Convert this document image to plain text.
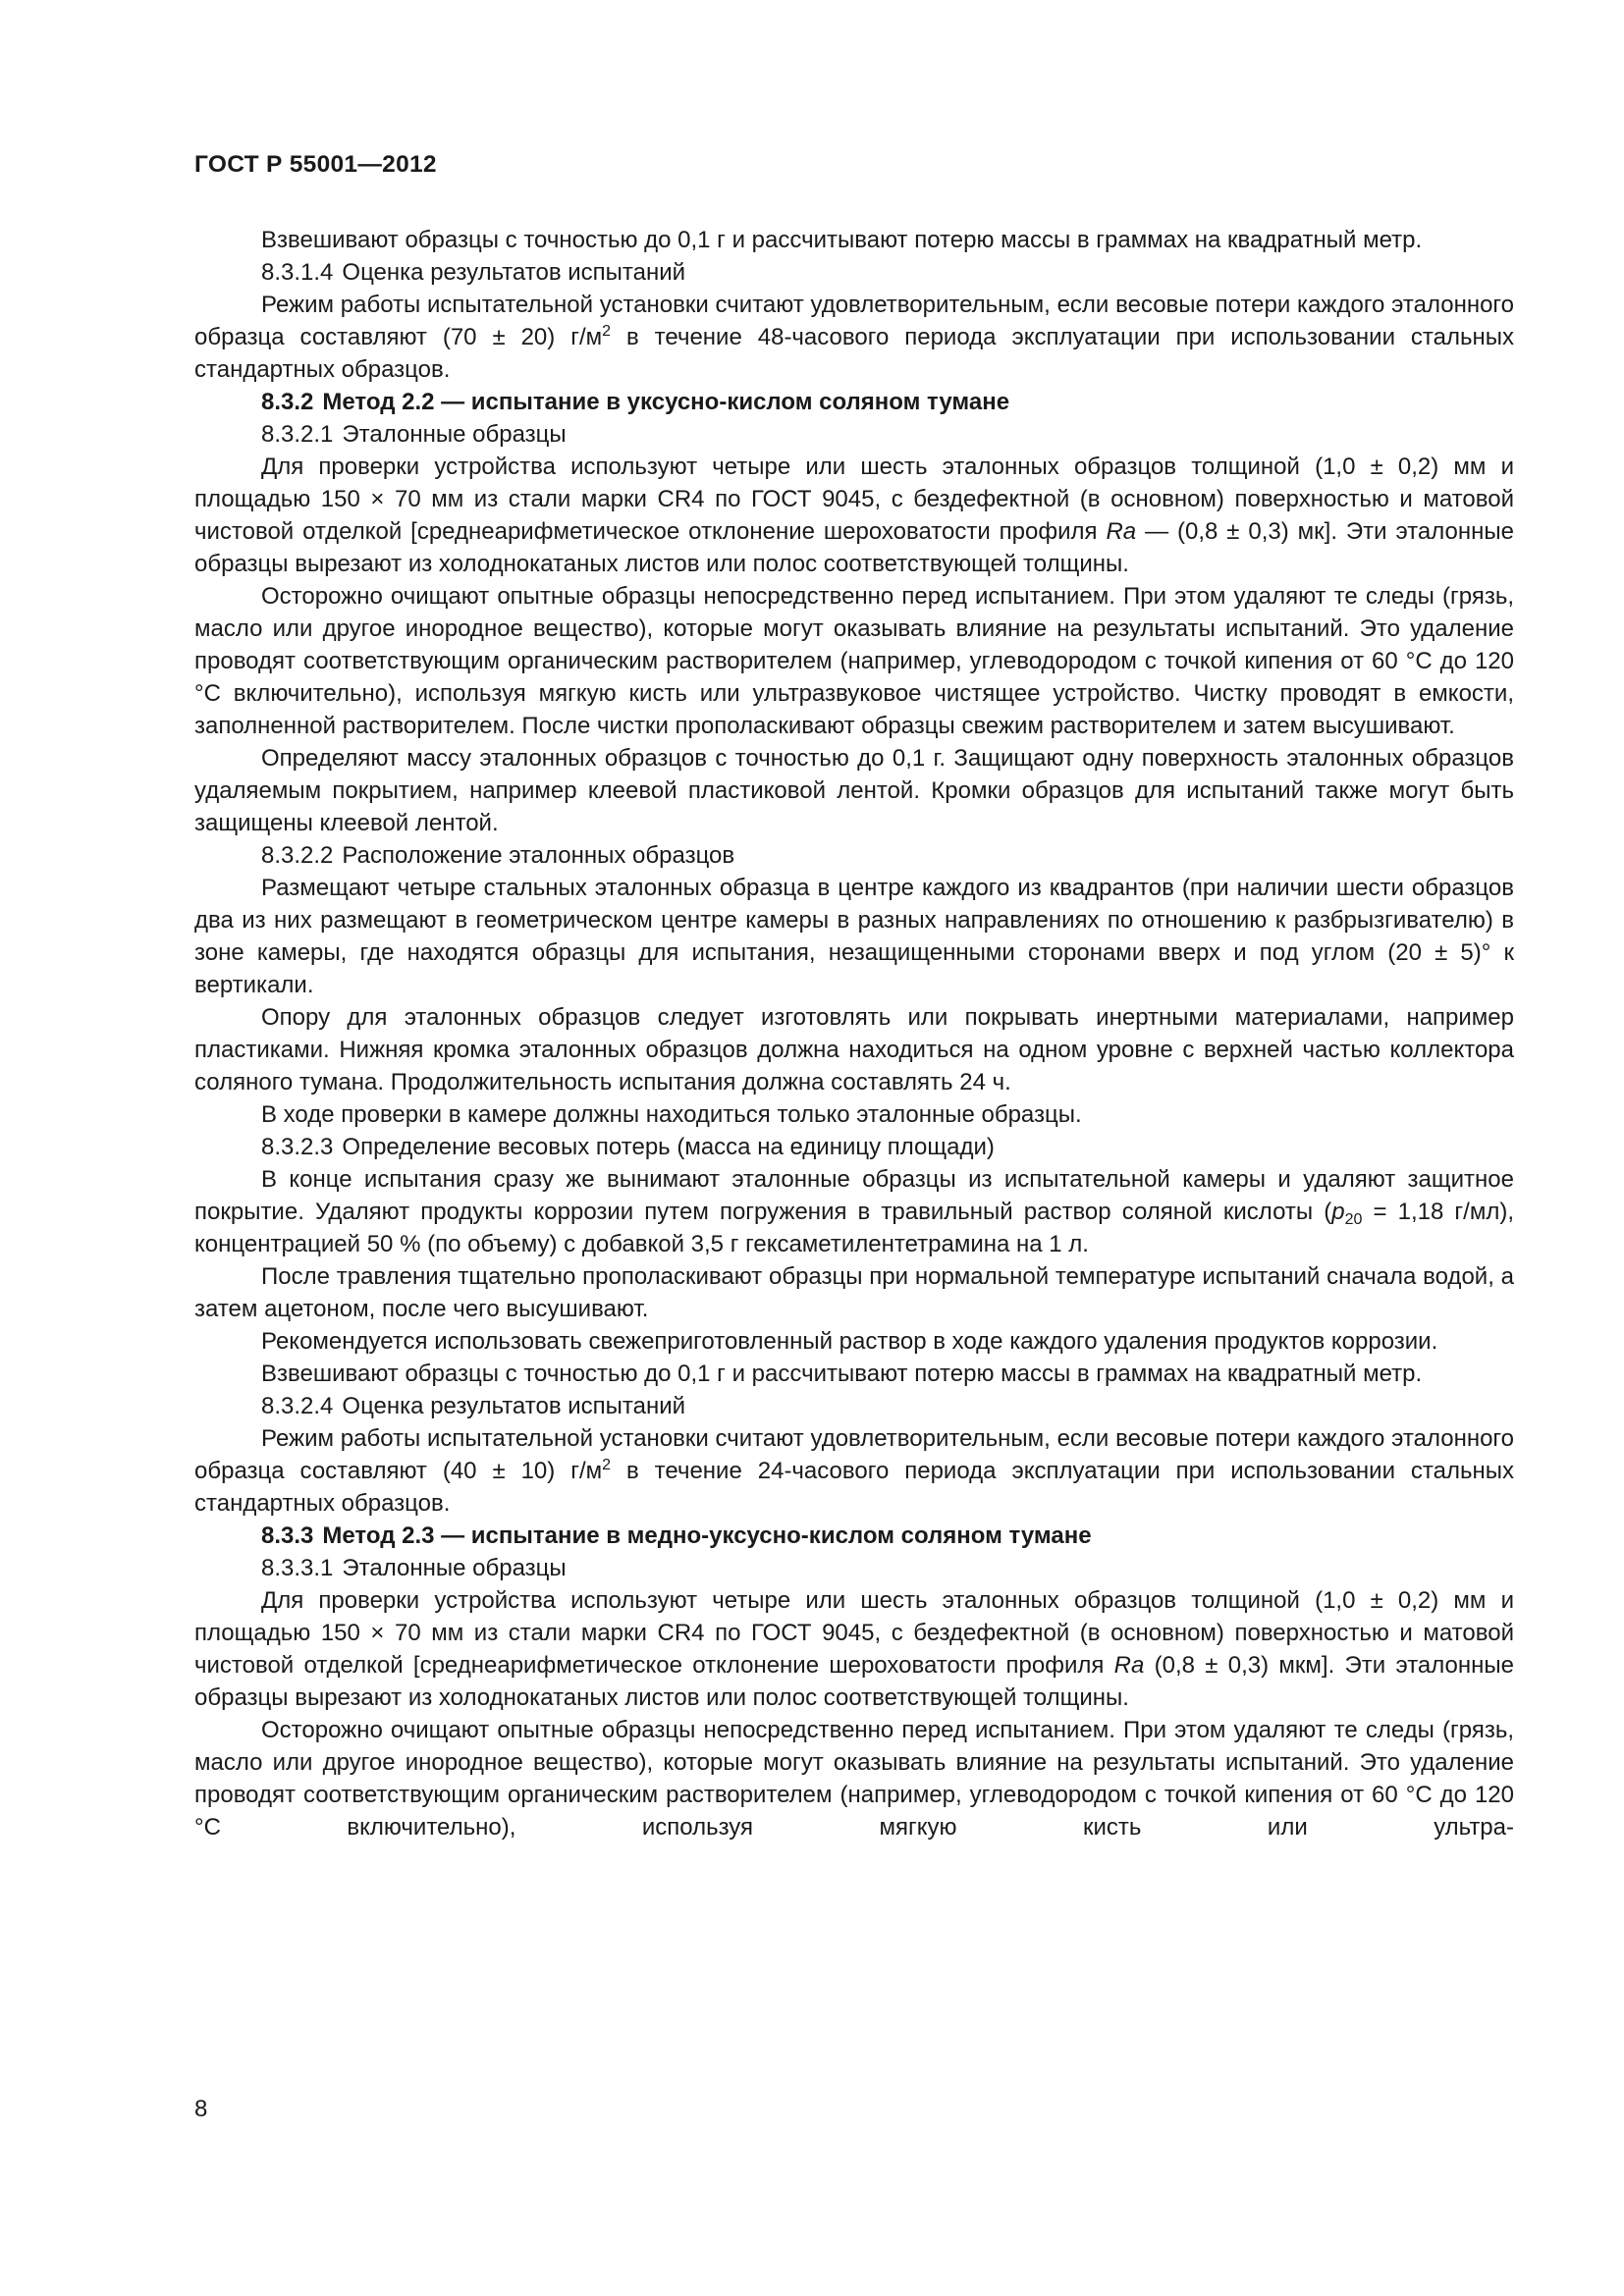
ГОСТ Р 55001—2012

Взвешивают образцы с точностью до 0,1 г и рассчитывают потерю массы в граммах на квадратный метр.

8.3.1.4 Оценка результатов испытаний

Режим работы испытательной установки считают удовлетворительным, если весовые потери каждого эталонного образца составляют (70 ± 20) $г/м^2$ в течение 48-часового периода эксплуатации при использовании стальных стандартных образцов.

8.3.2 Метод 2.2 — испытание в уксусно-кислом соляном тумане

8.3.2.1 Эталонные образцы

Для проверки устройства используют четыре или шесть эталонных образцов толщиной (1,0 ± 0,2) мм и площадью 150 × 70 мм из стали марки CR4 по ГОСТ 9045, с бездефектной (в основном) поверхностью и матовой чистовой отделкой [среднеарифметическое отклонение шероховатости профиля Ra — (0,8 ± 0,3) мк]. Эти эталонные образцы вырезают из холоднокатаных листов или полос соответствующей толщины.

Осторожно очищают опытные образцы непосредственно перед испытанием. При этом удаляют те следы (грязь, масло или другое инородное вещество), которые могут оказывать влияние на результаты испытаний. Это удаление проводят соответствующим органическим растворителем (например, углеводородом с точкой кипения от 60 °С до 120 °С включительно), используя мягкую кисть или ультразвуковое чистящее устройство. Чистку проводят в емкости, заполненной растворителем. После чистки прополаскивают образцы свежим растворителем и затем высушивают.

Определяют массу эталонных образцов с точностью до 0,1 г. Защищают одну поверхность эталонных образцов удаляемым покрытием, например клеевой пластиковой лентой. Кромки образцов для испытаний также могут быть защищены клеевой лентой.

8.3.2.2 Расположение эталонных образцов

Размещают четыре стальных эталонных образца в центре каждого из квадрантов (при наличии шести образцов два из них размещают в геометрическом центре камеры в разных направлениях по отношению к разбрызгивателю) в зоне камеры, где находятся образцы для испытания, незащищенными сторонами вверх и под углом (20 ± 5)° к вертикали.

Опору для эталонных образцов следует изготовлять или покрывать инертными материалами, например пластиками. Нижняя кромка эталонных образцов должна находиться на одном уровне с верхней частью коллектора соляного тумана. Продолжительность испытания должна составлять 24 ч.

В ходе проверки в камере должны находиться только эталонные образцы.

8.3.2.3 Определение весовых потерь (масса на единицу площади)

В конце испытания сразу же вынимают эталонные образцы из испытательной камеры и удаляют защитное покрытие. Удаляют продукты коррозии путем погружения в травильный раствор соляной кислоты ($p_{20} = 1,18$ г/мл), концентрацией 50 % (по объему) с добавкой 3,5 г гексаметилентетрамина на 1 л.

После травления тщательно прополаскивают образцы при нормальной температуре испытаний сначала водой, а затем ацетоном, после чего высушивают.

Рекомендуется использовать свежеприготовленный раствор в ходе каждого удаления продуктов коррозии.

Взвешивают образцы с точностью до 0,1 г и рассчитывают потерю массы в граммах на квадратный метр.

8.3.2.4 Оценка результатов испытаний

Режим работы испытательной установки считают удовлетворительным, если весовые потери каждого эталонного образца составляют (40 ± 10) $г/м^2$ в течение 24-часового периода эксплуатации при использовании стальных стандартных образцов.

8.3.3 Метод 2.3 — испытание в медно-уксусно-кислом соляном тумане

8.3.3.1 Эталонные образцы

Для проверки устройства используют четыре или шесть эталонных образцов толщиной (1,0 ± 0,2) мм и площадью 150 × 70 мм из стали марки CR4 по ГОСТ 9045, с бездефектной (в основном) поверхностью и матовой чистовой отделкой [среднеарифметическое отклонение шероховатости профиля Ra (0,8 ± 0,3) мкм]. Эти эталонные образцы вырезают из холоднокатаных листов или полос соответствующей толщины.

Осторожно очищают опытные образцы непосредственно перед испытанием. При этом удаляют те следы (грязь, масло или другое инородное вещество), которые могут оказывать влияние на результаты испытаний. Это удаление проводят соответствующим органическим растворителем (например, углеводородом с точкой кипения от 60 °С до 120 °С включительно), используя мягкую кисть или ультра-

8
